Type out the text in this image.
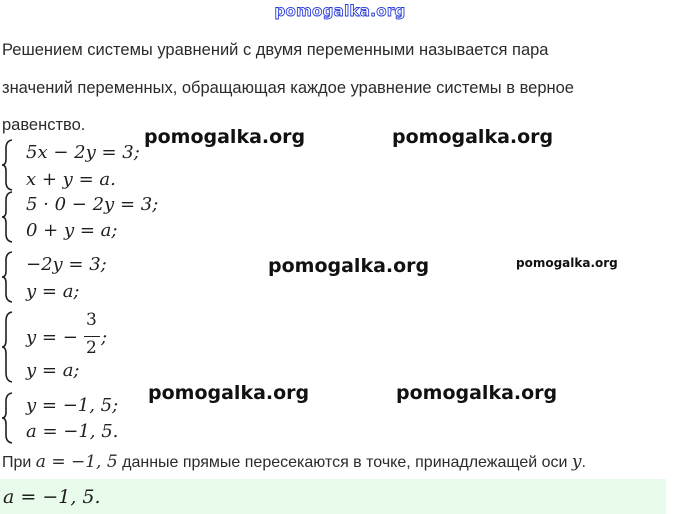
pomogalka.org
Решением системы уравнений с двумя переменными называется пара
значений переменных, обращающая каждое уравнение системы в верное
равенство.
5x − 2y = 3;
x + y = a.
5 · 0 − 2y = 3;
0 + y = a;
−2y = 3;
y = a;
y = −
3
2 ;
y = a;
y = −1, 5;
a = −1, 5.
pomogalka.org	pomogalka.org
pomogalka.org	pomogalka.org
pomogalka.org	pomogalka.org
При a = −1, 5 данные прямые пересекаются в точке, принадлежащей оси y.
a = −1, 5.
